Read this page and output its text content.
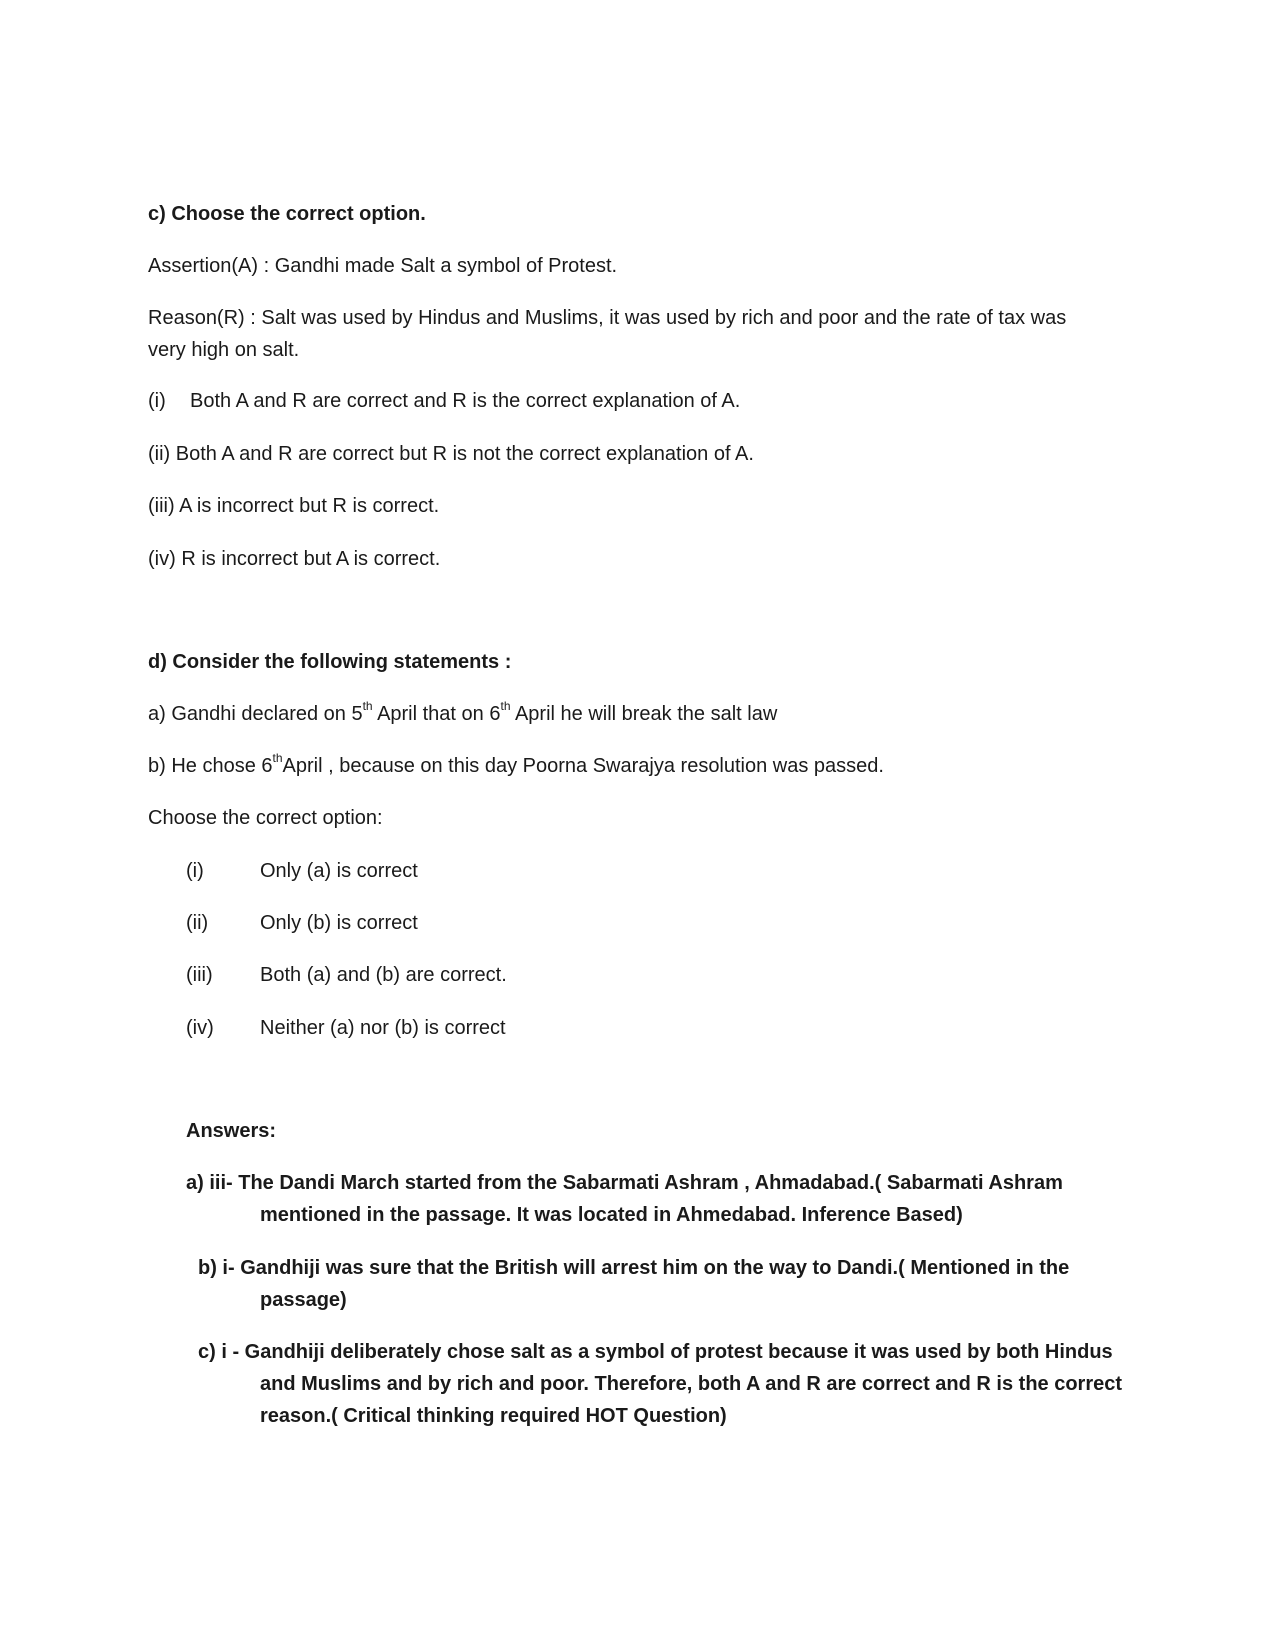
c) Choose the correct option.
Assertion(A) : Gandhi made Salt a symbol of Protest.
Reason(R) : Salt was used by Hindus and Muslims, it was used by rich and poor and the rate of tax was
very high on salt.
(i) Both A and R are correct and R is the correct explanation of A.
(ii) Both A and R are correct but R is not the correct explanation of A.
(iii) A is incorrect but R is correct.
(iv) R is incorrect but A is correct.
d) Consider the following statements :
a) Gandhi declared on 5th April that on 6th April he will break the salt law
b) He chose 6thApril , because on this day Poorna Swarajya resolution was passed.
Choose the correct option:
(i)	Only (a) is correct
(ii)	Only (b) is correct
(iii) Both (a) and (b) are correct.
(iv) Neither (a) nor (b) is correct
Answers:
a) iii- The Dandi March started from the Sabarmati Ashram , Ahmadabad.( Sabarmati Ashram
mentioned in the passage. It was located in Ahmedabad. Inference Based)
b) i- Gandhiji was sure that the British will arrest him on the way to Dandi.( Mentioned in the
passage)
c) i - Gandhiji deliberately chose salt as a symbol of protest because it was used by both Hindus
and Muslims and by rich and poor. Therefore, both A and R are correct and R is the correct
reason.( Critical thinking required HOT Question)
